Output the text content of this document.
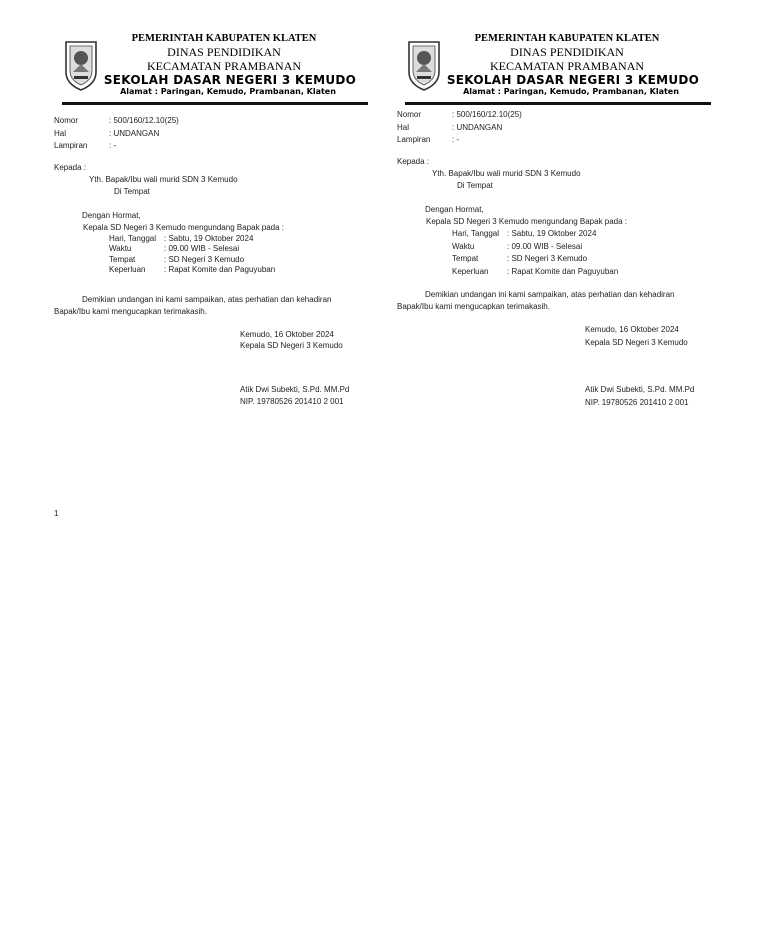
PEMERINTAH KABUPATEN KLATEN
DINAS PENDIDIKAN
KECAMATAN PRAMBANAN
SEKOLAH DASAR NEGERI 3 KEMUDO
Alamat : Paringan, Kemudo, Prambanan, Klaten
Nomor	: 500/160/12.10(25)
Hal	: UNDANGAN
Lampiran	: -
Kepada :
Yth. Bapak/Ibu wali murid SDN 3 Kemudo
Di Tempat
Dengan Hormat,
Kepala SD Negeri 3 Kemudo mengundang Bapak pada :
Hari, Tanggal : Sabtu, 19 Oktober 2024
Waktu	: 09.00 WIB - Selesai
Tempat	: SD Negeri 3 Kemudo
Keperluan : Rapat Komite dan Paguyuban
Demikian undangan ini kami sampaikan, atas perhatian dan kehadiran
Bapak/Ibu kami mengucapkan terimakasih.
Kemudo, 16 Oktober 2024
Kepala SD Negeri 3 Kemudo
Atik Dwi Subekti, S.Pd. MM.Pd
NIP. 19780526 201410 2 001
PEMERINTAH KABUPATEN KLATEN
DINAS PENDIDIKAN
KECAMATAN PRAMBANAN
SEKOLAH DASAR NEGERI 3 KEMUDO
Alamat : Paringan, Kemudo, Prambanan, Klaten
Nomor	: 500/160/12.10(25)
Hal	: UNDANGAN
Lampiran	: -
Kepada :
Yth. Bapak/Ibu wali murid SDN 3 Kemudo
Di Tempat
Dengan Hormat,
Kepala SD Negeri 3 Kemudo mengundang Bapak pada :
Hari, Tanggal : Sabtu, 19 Oktober 2024
Waktu	: 09.00 WIB - Selesai
Tempat	: SD Negeri 3 Kemudo
Keperluan : Rapat Komite dan Paguyuban
Demikian undangan ini kami sampaikan, atas perhatian dan kehadiran
Bapak/Ibu kami mengucapkan terimakasih.
Kemudo, 16 Oktober 2024
Kepala SD Negeri 3 Kemudo
Atik Dwi Subekti, S.Pd. MM.Pd
NIP. 19780526 201410 2 001
1
